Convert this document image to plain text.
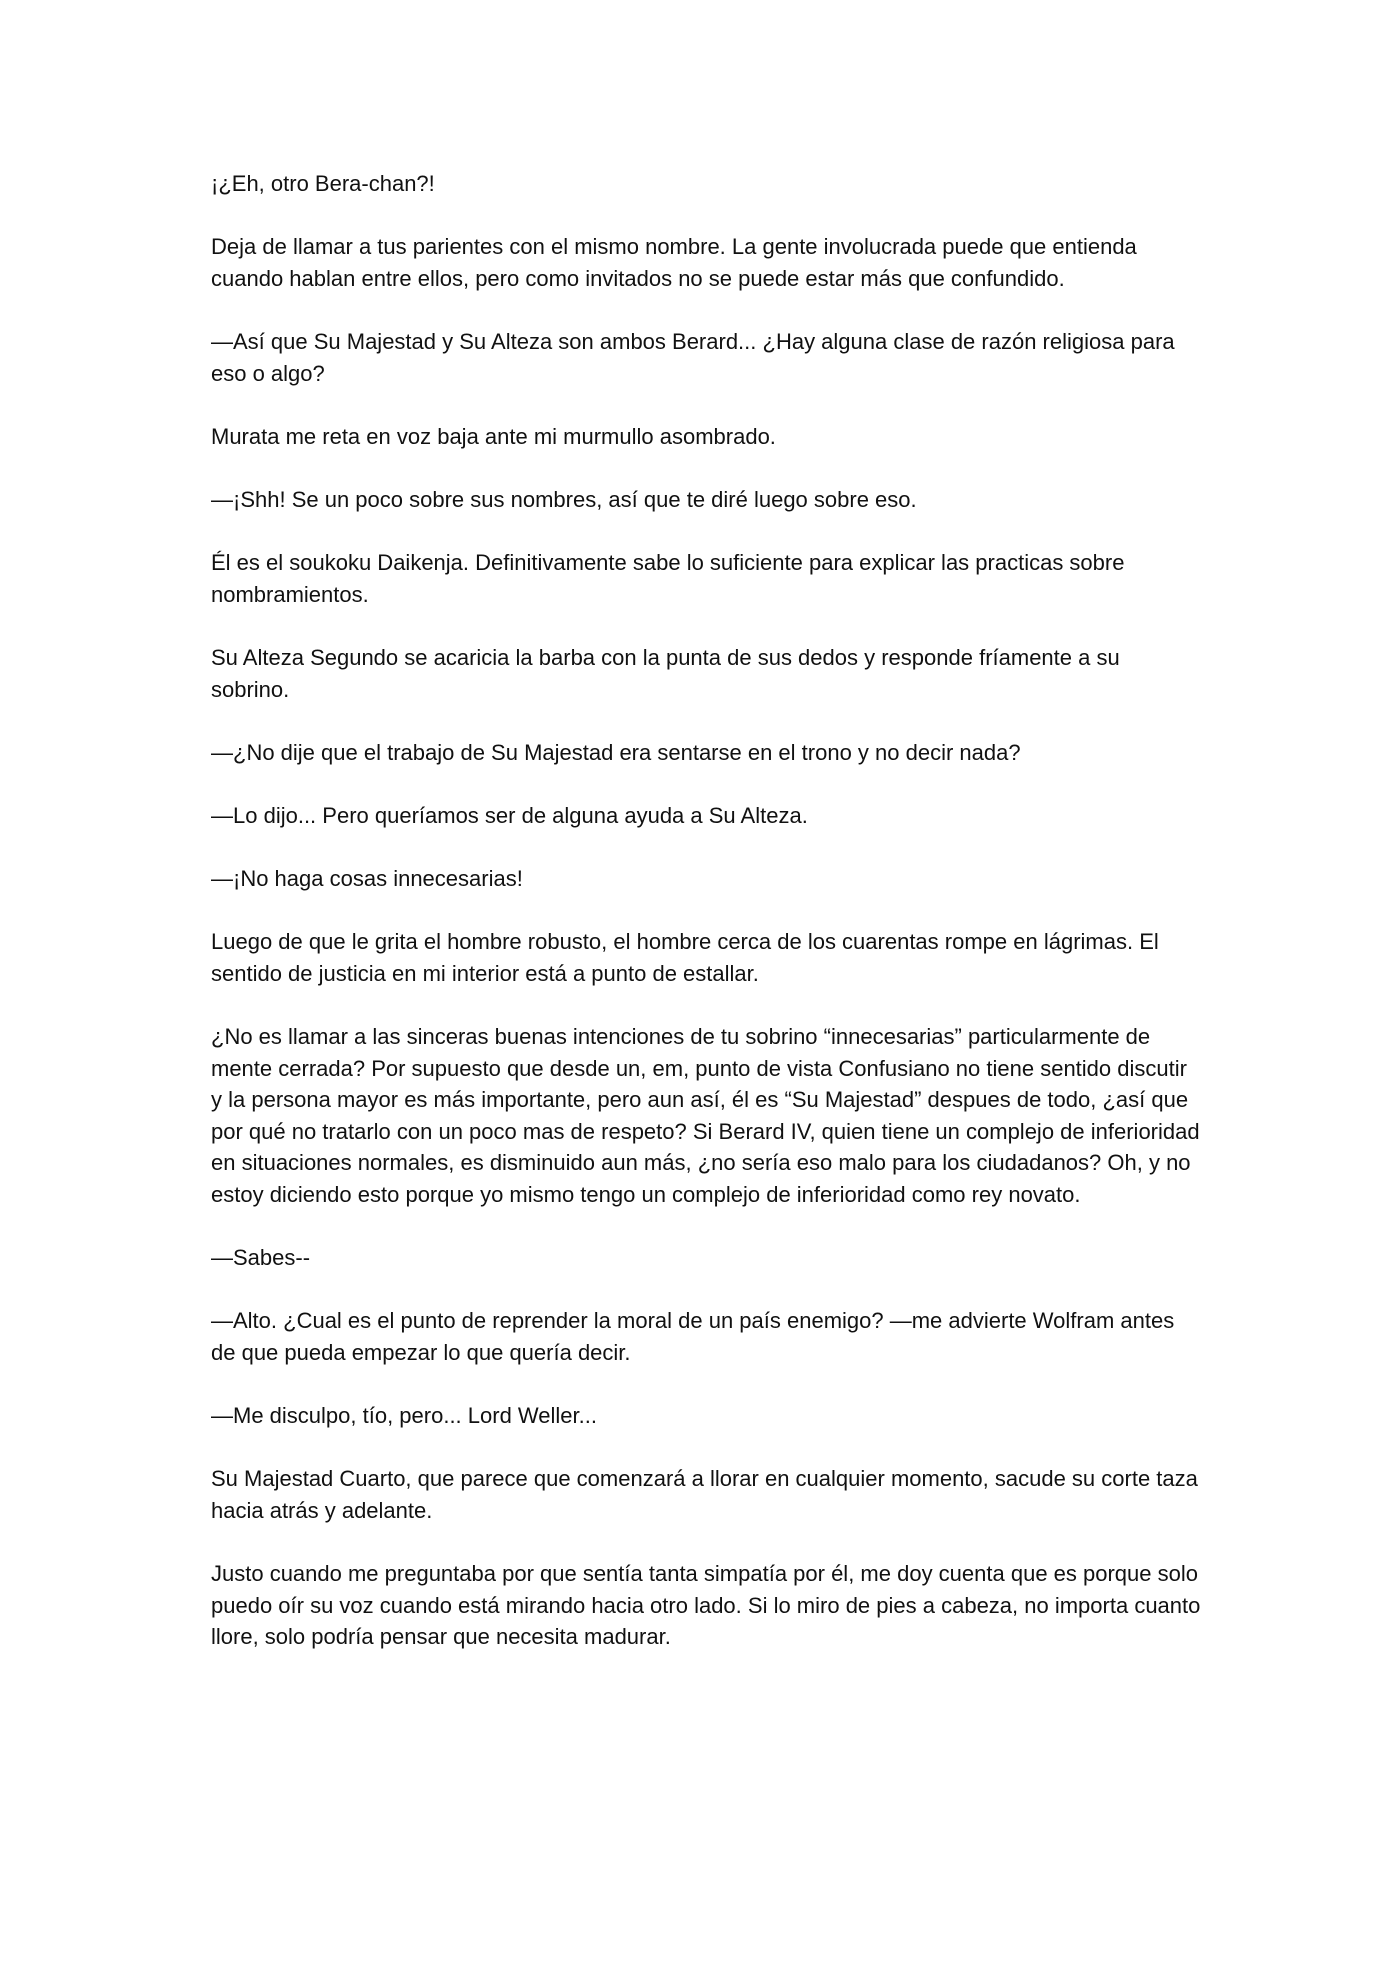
¡¿Eh, otro Bera-chan?!

Deja de llamar a tus parientes con el mismo nombre. La gente involucrada puede que entienda cuando hablan entre ellos, pero como invitados no se puede estar más que confundido.

—Así que Su Majestad y Su Alteza son ambos Berard... ¿Hay alguna clase de razón religiosa para eso o algo?

Murata me reta en voz baja ante mi murmullo asombrado.

—¡Shh! Se un poco sobre sus nombres, así que te diré luego sobre eso.

Él es el soukoku Daikenja. Definitivamente sabe lo suficiente para explicar las practicas sobre nombramientos.

Su Alteza Segundo se acaricia la barba con la punta de sus dedos y responde fríamente a su sobrino.

—¿No dije que el trabajo de Su Majestad era sentarse en el trono y no decir nada?

—Lo dijo... Pero queríamos ser de alguna ayuda a Su Alteza.

—¡No haga cosas innecesarias!

Luego de que le grita el hombre robusto, el hombre cerca de los cuarentas rompe en lágrimas. El sentido de justicia en mi interior está a punto de estallar.

¿No es llamar a las sinceras buenas intenciones de tu sobrino “innecesarias” particularmente de mente cerrada? Por supuesto que desde un, em, punto de vista Confusiano no tiene sentido discutir y la persona mayor es más importante, pero aun así, él es “Su Majestad” despues de todo, ¿así que por qué no tratarlo con un poco mas de respeto? Si Berard IV, quien tiene un complejo de inferioridad en situaciones normales, es disminuido aun más, ¿no sería eso malo para los ciudadanos? Oh, y no estoy diciendo esto porque yo mismo tengo un complejo de inferioridad como rey novato.

—Sabes--

—Alto. ¿Cual es el punto de reprender la moral de un país enemigo? —me advierte Wolfram antes de que pueda empezar lo que quería decir.

—Me disculpo, tío, pero... Lord Weller...

Su Majestad Cuarto, que parece que comenzará a llorar en cualquier momento, sacude su corte taza hacia atrás y adelante.

Justo cuando me preguntaba por que sentía tanta simpatía por él, me doy cuenta que es porque solo puedo oír su voz cuando está mirando hacia otro lado. Si lo miro de pies a cabeza, no importa cuanto llore, solo podría pensar que necesita madurar.
